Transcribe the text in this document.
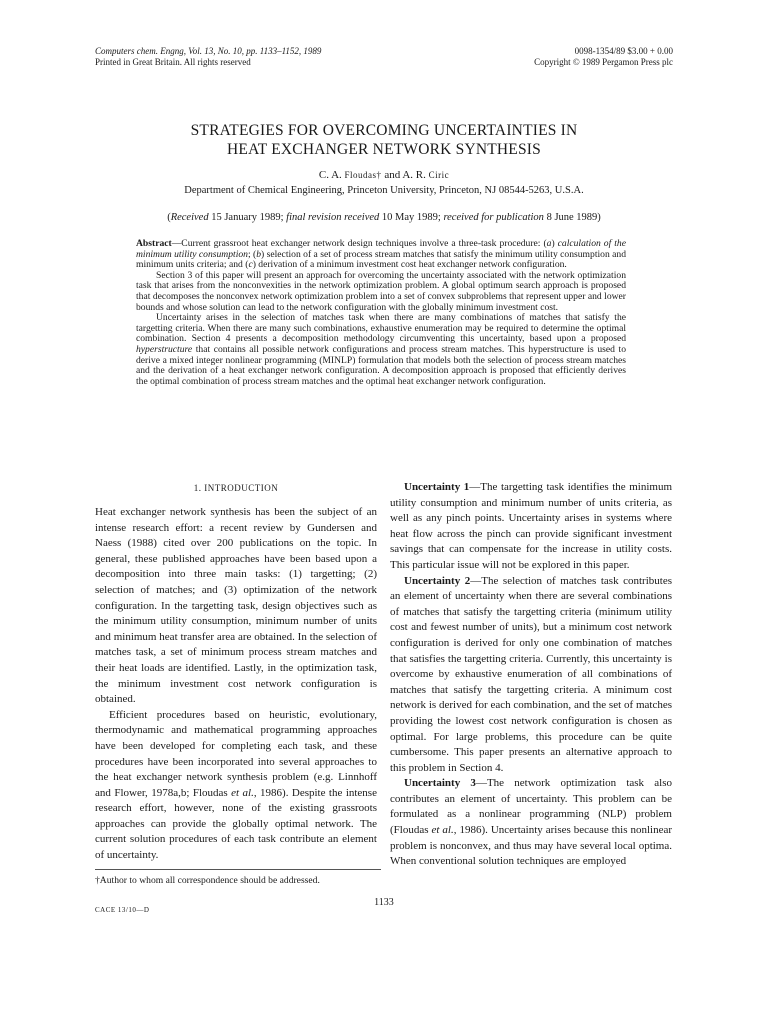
Computers chem. Engng, Vol. 13, No. 10, pp. 1133–1152, 1989
Printed in Great Britain. All rights reserved
0098-1354/89 $3.00 + 0.00
Copyright © 1989 Pergamon Press plc
STRATEGIES FOR OVERCOMING UNCERTAINTIES IN
HEAT EXCHANGER NETWORK SYNTHESIS
C. A. Floudas† and A. R. Ciric
Department of Chemical Engineering, Princeton University, Princeton, NJ 08544-5263, U.S.A.
(Received 15 January 1989; final revision received 10 May 1989; received for publication 8 June 1989)

Abstract—Current grassroot heat exchanger network design techniques involve a three-task procedure: (a) calculation of the minimum utility consumption; (b) selection of a set of process stream matches that satisfy the minimum utility consumption and minimum units criteria; and (c) derivation of a minimum investment cost heat exchanger network configuration.

Section 3 of this paper will present an approach for overcoming the uncertainty associated with the network optimization task that arises from the nonconvexities in the network optimization problem. A global optimum search approach is proposed that decomposes the nonconvex network optimization problem into a set of convex subproblems that represent upper and lower bounds and whose solution can lead to the network configuration with the globally minimum investment cost.

Uncertainty arises in the selection of matches task when there are many combinations of matches that satisfy the targetting criteria. When there are many such combinations, exhaustive enumeration may be required to determine the optimal combination. Section 4 presents a decomposition methodology circumventing this uncertainty, based upon a proposed hyperstructure that contains all possible network configurations and process stream matches. This hyperstructure is used to derive a mixed integer nonlinear programming (MINLP) formulation that models both the selection of process stream matches and the derivation of a heat exchanger network configuration. A decomposition approach is proposed that efficiently derives the optimal combination of process stream matches and the optimal heat exchanger network configuration.

1. INTRODUCTION

Heat exchanger network synthesis has been the subject of an intense research effort: a recent review by Gundersen and Naess (1988) cited over 200 publications on the topic. In general, these published approaches have been based upon a decomposition into three main tasks: (1) targetting; (2) selection of matches; and (3) optimization of the network configuration. In the targetting task, design objectives such as the minimum utility consumption, minimum number of units and minimum heat transfer area are obtained. In the selection of matches task, a set of minimum process stream matches and their heat loads are identified. Lastly, in the optimization task, the minimum investment cost network configuration is obtained.

Efficient procedures based on heuristic, evolutionary, thermodynamic and mathematical programming approaches have been developed for completing each task, and these procedures have been incorporated into several approaches to the heat exchanger network synthesis problem (e.g. Linnhoff and Flower, 1978a,b; Floudas et al., 1986). Despite the intense research effort, however, none of the existing grassroots approaches can provide the globally optimal network. The current solution procedures of each task contribute an element of uncertainty.

Uncertainty 1—The targetting task identifies the minimum utility consumption and minimum number of units criteria, as well as any pinch points. Uncertainty arises in systems where heat flow across the pinch can provide significant investment savings that can compensate for the increase in utility costs. This particular issue will not be explored in this paper.

Uncertainty 2—The selection of matches task contributes an element of uncertainty when there are several combinations of matches that satisfy the targetting criteria (minimum utility cost and fewest number of units), but a minimum cost network configuration is derived for only one combination of matches that satisfies the targetting criteria. Currently, this uncertainty is overcome by exhaustive enumeration of all combinations of matches that satisfy the targetting criteria. A minimum cost network is derived for each combination, and the set of matches providing the lowest cost network configuration is chosen as optimal. For large problems, this procedure can be quite cumbersome. This paper presents an alternative approach to this problem in Section 4.

Uncertainty 3—The network optimization task also contributes an element of uncertainty. This problem can be formulated as a nonlinear programming (NLP) problem (Floudas et al., 1986). Uncertainty arises because this nonlinear problem is nonconvex, and thus may have several local optima. When conventional solution techniques are employed

†Author to whom all correspondence should be addressed.
1133
CACE 13/10—D
